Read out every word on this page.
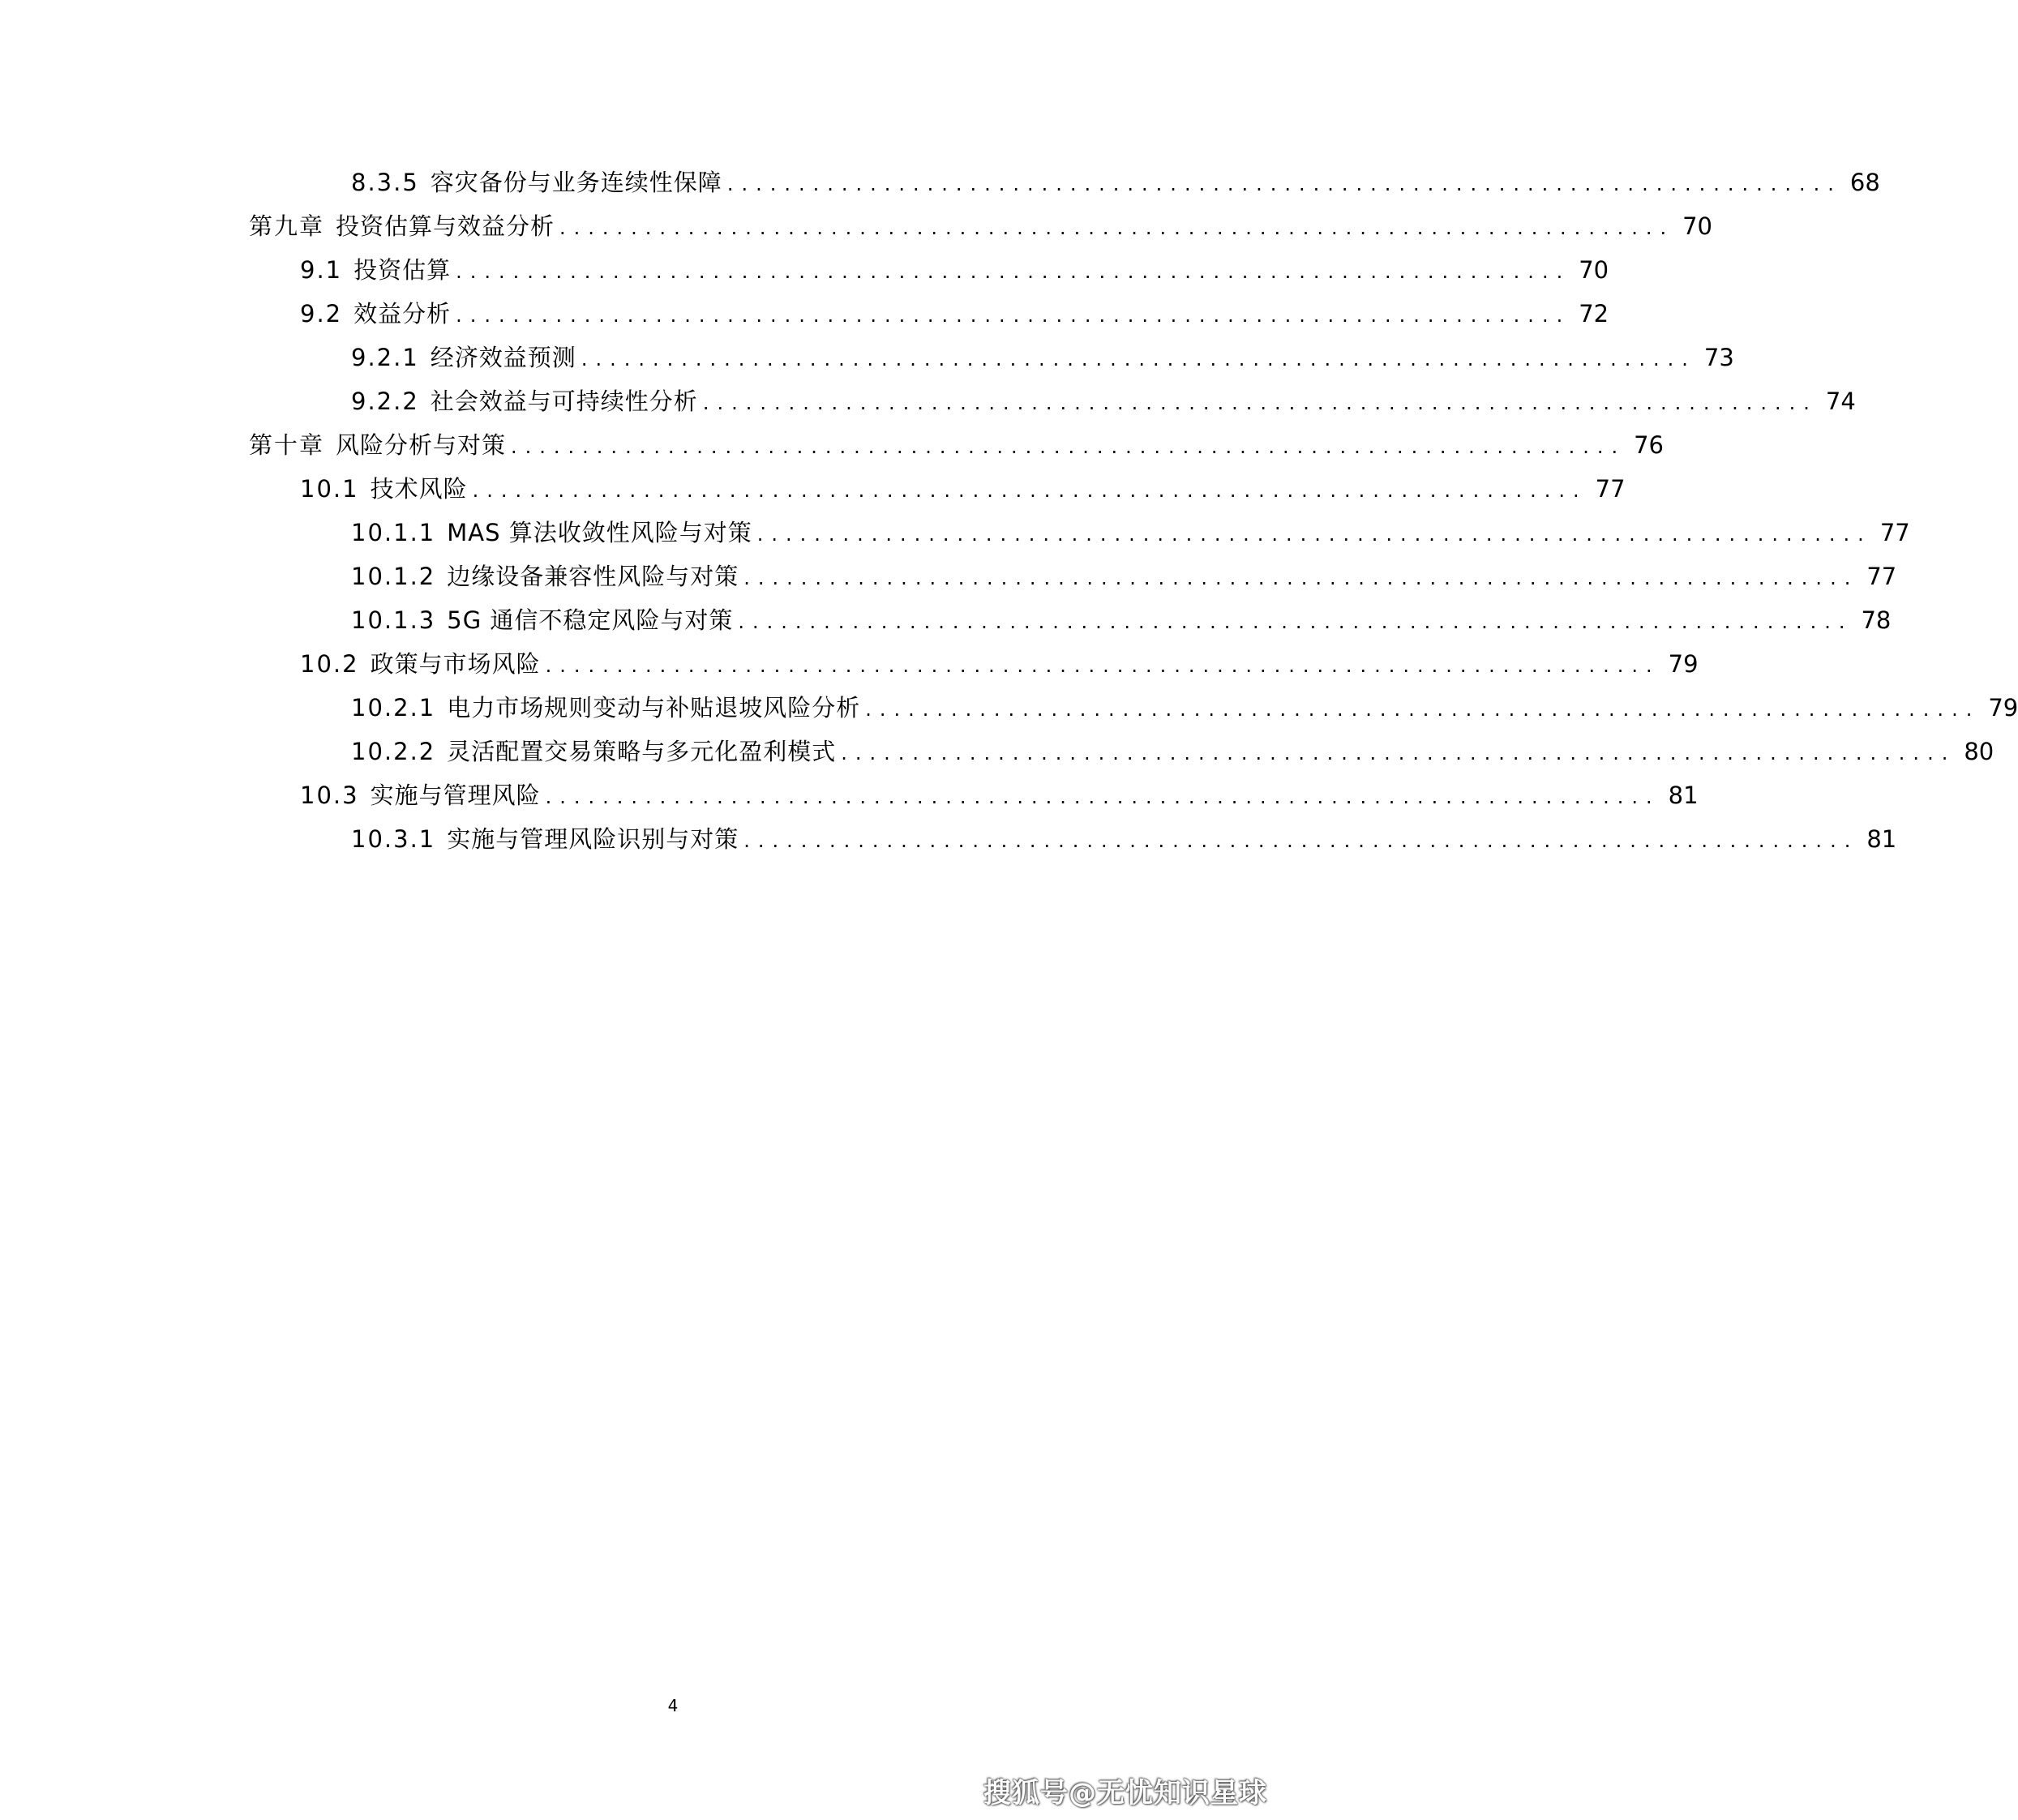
8.3.5 容灾备份与业务连续性保障 .............................................................................. 68
第九章 投资估算与效益分析 .............................................................................. 70
9.1 投资估算 .............................................................................. 70
9.2 效益分析 .............................................................................. 72
9.2.1 经济效益预测 .............................................................................. 73
9.2.2 社会效益与可持续性分析 .............................................................................. 74
第十章 风险分析与对策 .............................................................................. 76
10.1 技术风险 .............................................................................. 77
10.1.1 MAS 算法收敛性风险与对策 .............................................................................. 77
10.1.2 边缘设备兼容性风险与对策 .............................................................................. 77
10.1.3 5G 通信不稳定风险与对策 .............................................................................. 78
10.2 政策与市场风险 .............................................................................. 79
10.2.1 电力市场规则变动与补贴退坡风险分析 .............................................................................. 79
10.2.2 灵活配置交易策略与多元化盈利模式 .............................................................................. 80
10.3 实施与管理风险 .............................................................................. 81
10.3.1 实施与管理风险识别与对策 .............................................................................. 81
4
搜狐号@无忧知识星球
